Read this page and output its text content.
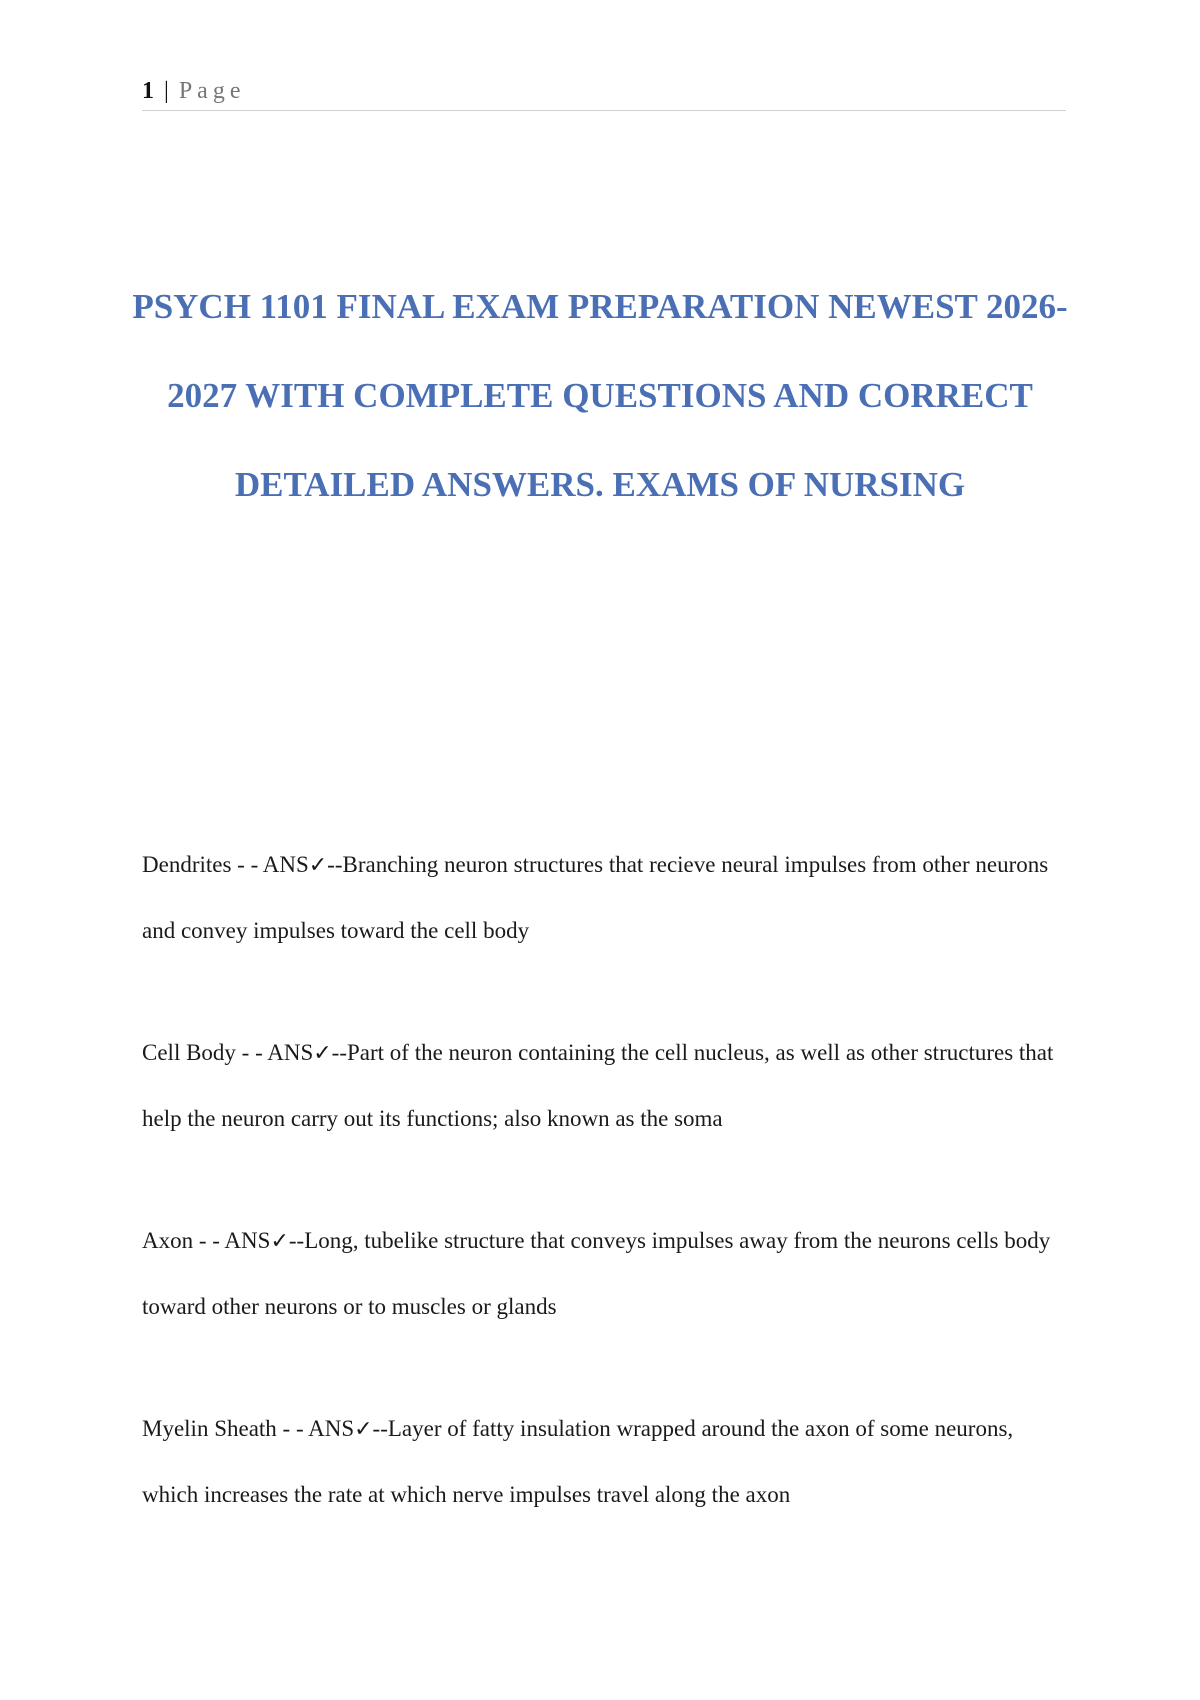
1 | Page
PSYCH 1101 FINAL EXAM PREPARATION NEWEST 2026-2027 WITH COMPLETE QUESTIONS AND CORRECT DETAILED ANSWERS. EXAMS OF NURSING

Dendrites - - ANS✓--Branching neuron structures that recieve neural impulses from other neurons and convey impulses toward the cell body

Cell Body - - ANS✓--Part of the neuron containing the cell nucleus, as well as other structures that help the neuron carry out its functions; also known as the soma

Axon - - ANS✓--Long, tubelike structure that conveys impulses away from the neurons cells body toward other neurons or to muscles or glands

Myelin Sheath - - ANS✓--Layer of fatty insulation wrapped around the axon of some neurons, which increases the rate at which nerve impulses travel along the axon
